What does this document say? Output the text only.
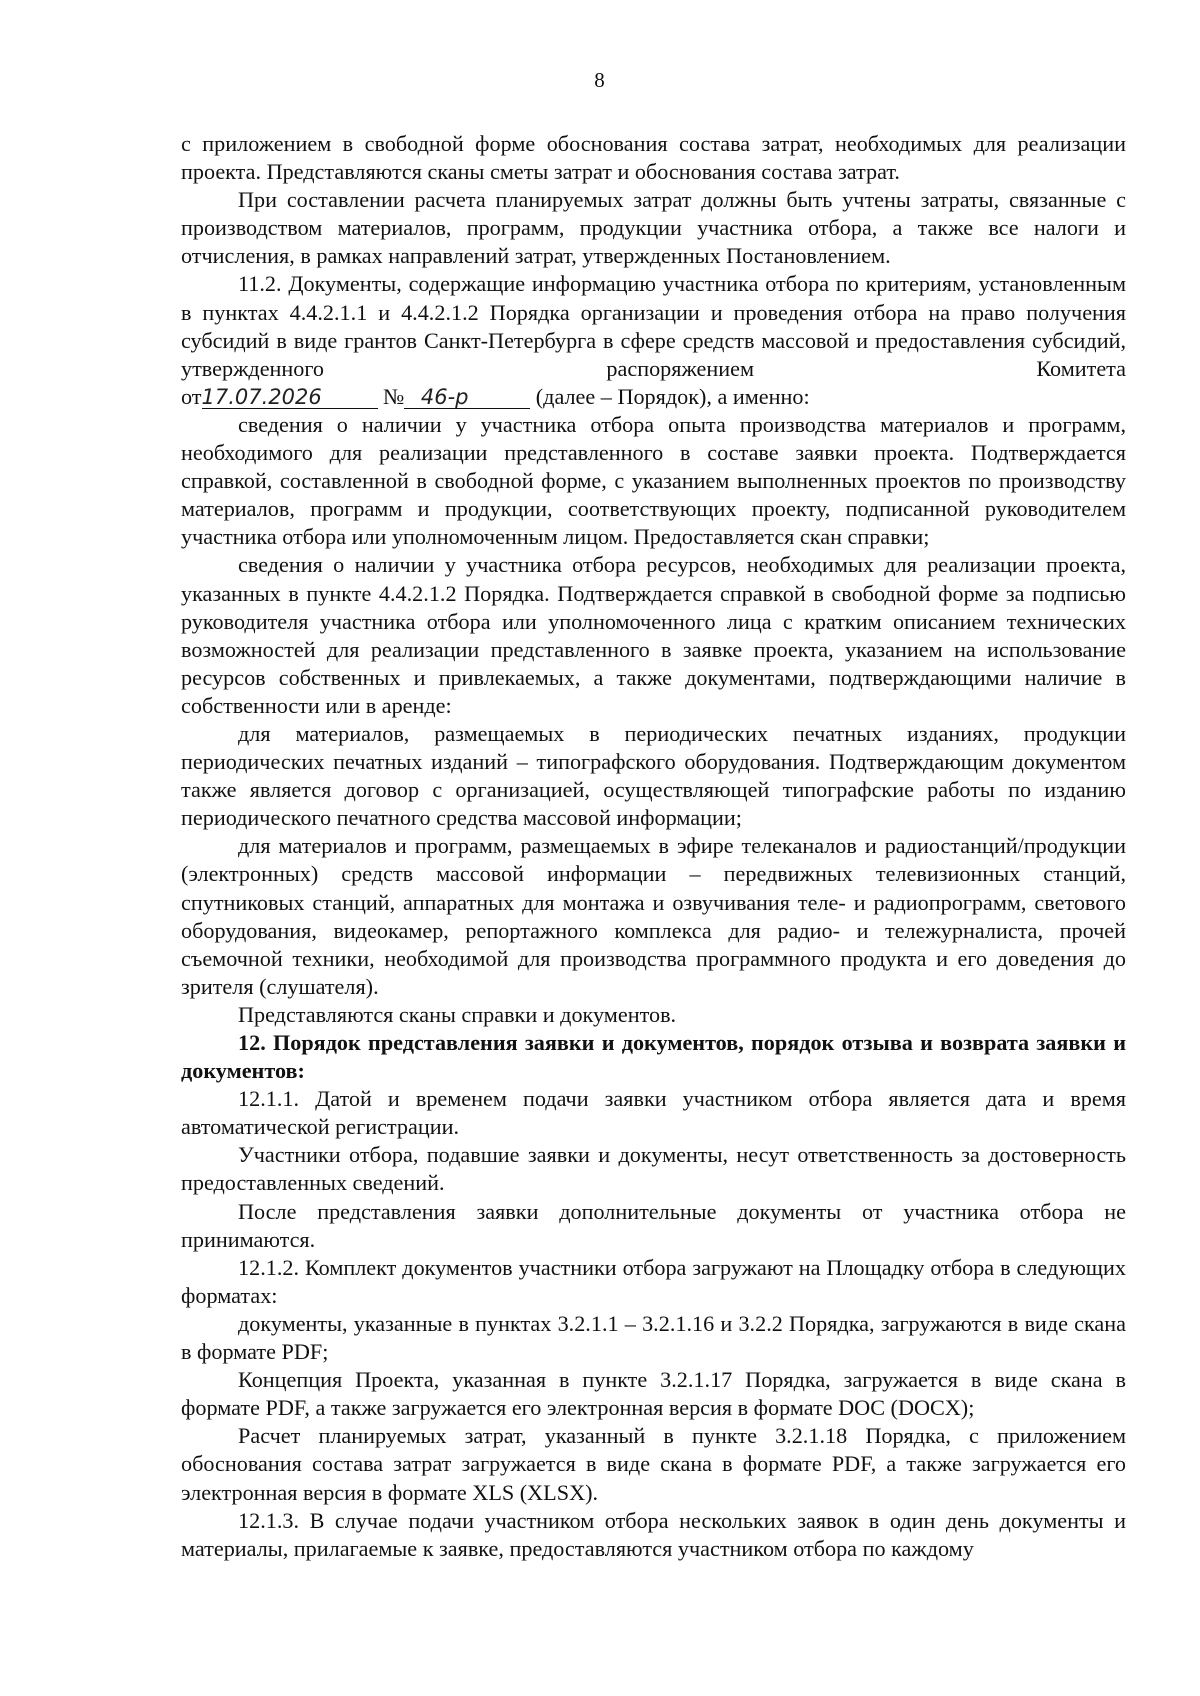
8

с приложением в свободной форме обоснования состава затрат, необходимых для реализации проекта. Представляются сканы сметы затрат и обоснования состава затрат.

При составлении расчета планируемых затрат должны быть учтены затраты, связанные с производством материалов, программ, продукции участника отбора, а также все налоги и отчисления, в рамках направлений затрат, утвержденных Постановлением.

11.2. Документы, содержащие информацию участника отбора по критериям, установленным в пунктах 4.4.2.1.1 и 4.4.2.1.2 Порядка организации и проведения отбора на право получения субсидий в виде грантов Санкт-Петербурга в сфере средств массовой и предоставления субсидий, утвержденного распоряжением Комитета

от17.07.2026	№ 46-р	(далее – Порядок), а именно:

сведения о наличии у участника отбора опыта производства материалов и программ, необходимого для реализации представленного в составе заявки проекта. Подтверждается справкой, составленной в свободной форме, с указанием выполненных проектов по производству материалов, программ и продукции, соответствующих проекту, подписанной руководителем участника отбора или уполномоченным лицом. Предоставляется скан справки;

сведения о наличии у участника отбора ресурсов, необходимых для реализации проекта, указанных в пункте 4.4.2.1.2 Порядка. Подтверждается справкой в свободной форме за подписью руководителя участника отбора или уполномоченного лица с кратким описанием технических возможностей для реализации представленного в заявке проекта, указанием на использование ресурсов собственных и привлекаемых, а также документами, подтверждающими наличие в собственности или в аренде:

для материалов, размещаемых в периодических печатных изданиях, продукции периодических печатных изданий – типографского оборудования. Подтверждающим документом также является договор с организацией, осуществляющей типографские работы по изданию периодического печатного средства массовой информации;

для материалов и программ, размещаемых в эфире телеканалов и радиостанций/продукции (электронных) средств массовой информации – передвижных телевизионных станций, спутниковых станций, аппаратных для монтажа и озвучивания теле- и радиопрограмм, светового оборудования, видеокамер, репортажного комплекса для радио- и тележурналиста, прочей съемочной техники, необходимой для производства программного продукта и его доведения до зрителя (слушателя).

Представляются сканы справки и документов.

12. Порядок представления заявки и документов, порядок отзыва и возврата заявки и документов:

12.1.1. Датой и временем подачи заявки участником отбора является дата и время автоматической регистрации.

Участники отбора, подавшие заявки и документы, несут ответственность за достоверность предоставленных сведений.

После представления заявки дополнительные документы от участника отбора не принимаются.

12.1.2. Комплект документов участники отбора загружают на Площадку отбора в следующих форматах:

документы, указанные в пунктах 3.2.1.1 – 3.2.1.16 и 3.2.2 Порядка, загружаются в виде скана в формате PDF;

Концепция Проекта, указанная в пункте 3.2.1.17 Порядка, загружается в виде скана в формате PDF, а также загружается его электронная версия в формате DOC (DOCX);

Расчет планируемых затрат, указанный в пункте 3.2.1.18 Порядка, с приложением обоснования состава затрат загружается в виде скана в формате PDF, а также загружается его электронная версия в формате XLS (XLSX).

12.1.3. В случае подачи участником отбора нескольких заявок в один день документы и материалы, прилагаемые к заявке, предоставляются участником отбора по каждому
